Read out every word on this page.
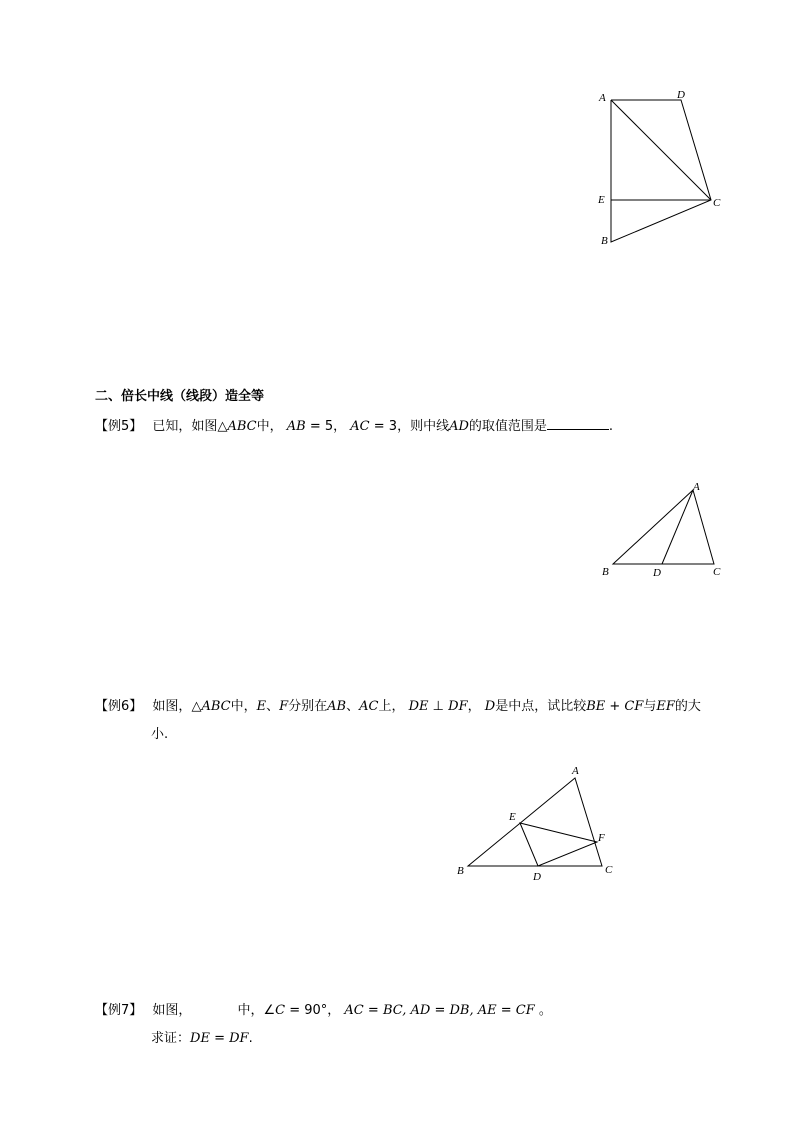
A	D
E	C
B
二、倍长中线（线段）造全等
【例5】 已知，如图△ABC中， AB = 5， AC = 3，则中线AD的取值范围是	.
A
B	D	C
【例6】 如图，△ABC中，E、F分别在AB、AC上， DE ⊥ DF， D是中点，试比较BE + CF与EF的大
小.
A
E
F
B	D
C
【例7】 如图，	中，∠C = 90°， AC = BC, AD = DB, AE = CF 。
求证：DE = DF.
